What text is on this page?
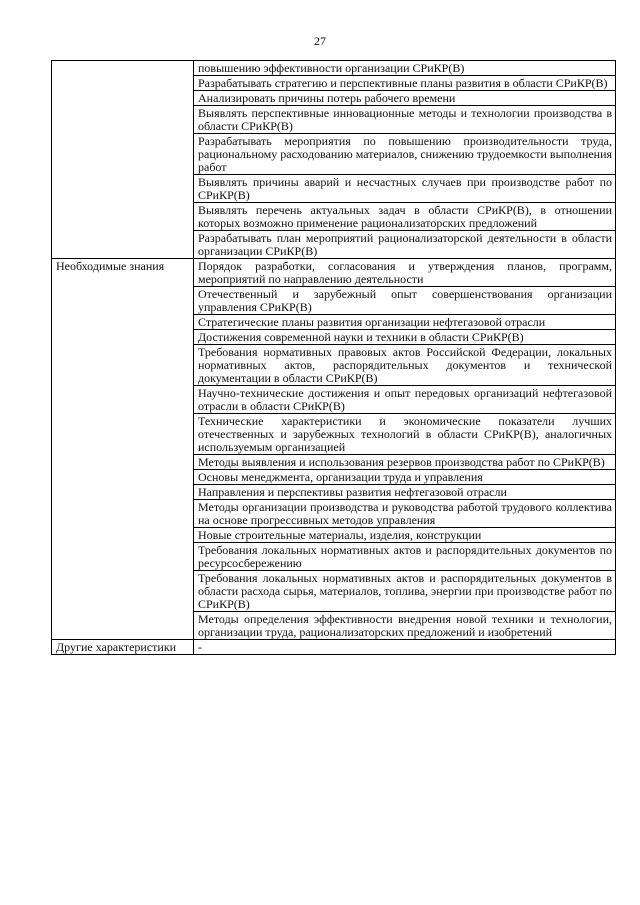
27
	повышению эффективности организации СРиКР(В)
	Разрабатывать стратегию и перспективные планы развития в области СРиКР(В)
	Анализировать причины потерь рабочего времени
	Выявлять перспективные инновационные методы и технологии производства в области СРиКР(В)
	Разрабатывать мероприятия по повышению производительности труда, рациональному расходованию материалов, снижению трудоемкости выполнения работ
	Выявлять причины аварий и несчастных случаев при производстве работ по СРиКР(В)
	Выявлять перечень актуальных задач в области СРиКР(В), в отношении которых возможно применение рационализаторских предложений
	Разрабатывать план мероприятий рационализаторской деятельности в области организации СРиКР(В)
Необходимые знания	Порядок разработки, согласования и утверждения планов, программ, мероприятий по направлению деятельности
	Отечественный и зарубежный опыт совершенствования организации управления СРиКР(В)
	Стратегические планы развития организации нефтегазовой отрасли
	Достижения современной науки и техники в области СРиКР(В)
	Требования нормативных правовых актов Российской Федерации, локальных нормативных актов, распорядительных документов и технической документации в области СРиКР(В)
	Научно-технические достижения и опыт передовых организаций нефтегазовой отрасли в области СРиКР(В)
	Технические характеристики и экономические показатели лучших отечественных и зарубежных технологий в области СРиКР(В), аналогичных используемым организацией
	Методы выявления и использования резервов производства работ по СРиКР(В)
	Основы менеджмента, организации труда и управления
	Направления и перспективы развития нефтегазовой отрасли
	Методы организации производства и руководства работой трудового коллектива на основе прогрессивных методов управления
	Новые строительные материалы, изделия, конструкции
	Требования локальных нормативных актов и распорядительных документов по ресурсосбережению
	Требования локальных нормативных актов и распорядительных документов в области расхода сырья, материалов, топлива, энергии при производстве работ по СРиКР(В)
	Методы определения эффективности внедрения новой техники и технологии, организации труда, рационализаторских предложений и изобретений
Другие характеристики	-
